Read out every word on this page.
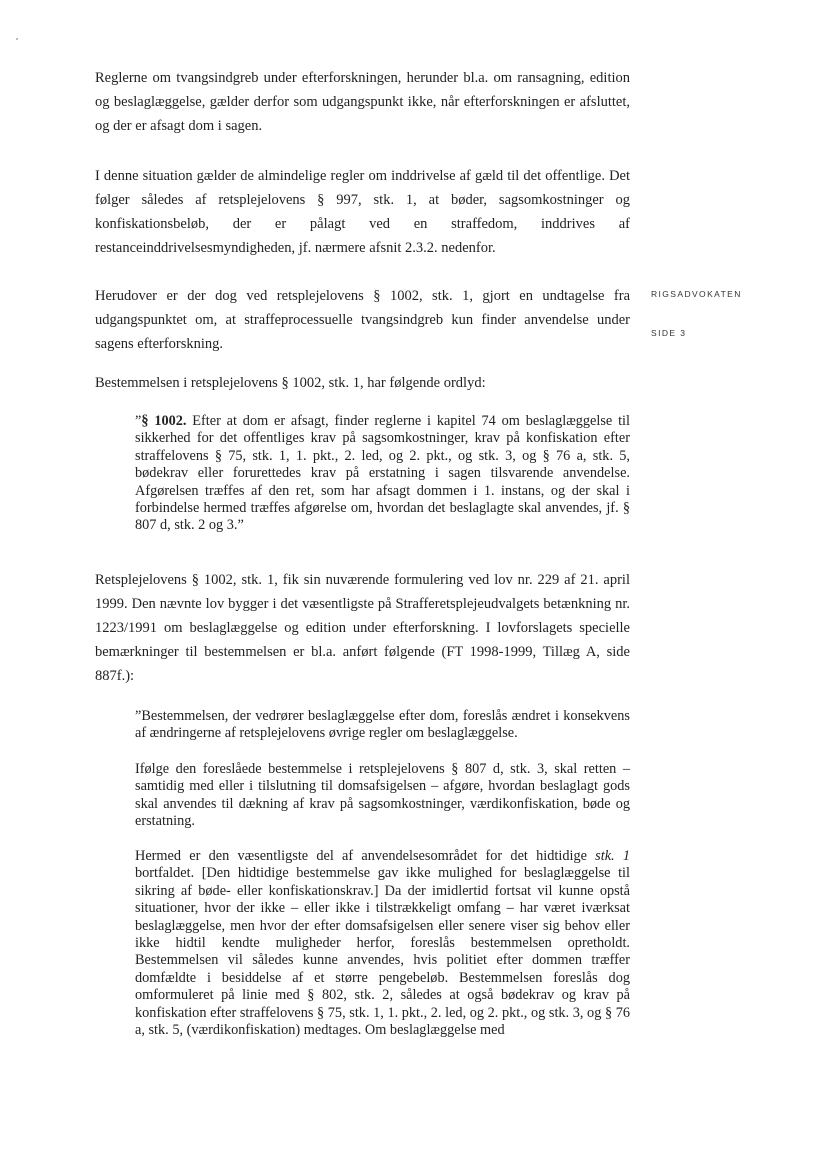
Reglerne om tvangsindgreb under efterforskningen, herunder bl.a. om ransagning, edition og beslaglæggelse, gælder derfor som udgangspunkt ikke, når efterforskningen er afsluttet, og der er afsagt dom i sagen.

I denne situation gælder de almindelige regler om inddrivelse af gæld til det offentlige. Det følger således af retsplejelovens § 997, stk. 1, at bøder, sagsomkostninger og konfiskationsbeløb, der er pålagt ved en straffedom, inddrives af restanceinddrivelsesmyndigheden, jf. nærmere afsnit 2.3.2. nedenfor.

Herudover er der dog ved retsplejelovens § 1002, stk. 1, gjort en undtagelse fra udgangspunktet om, at straffeprocessuelle tvangsindgreb kun finder anvendelse under sagens efterforskning.

RIGSADVOKATEN

SIDE 3

Bestemmelsen i retsplejelovens § 1002, stk. 1, har følgende ordlyd:

”§ 1002. Efter at dom er afsagt, finder reglerne i kapitel 74 om beslaglæggelse til sikkerhed for det offentliges krav på sagsomkostninger, krav på konfiskation efter straffelovens § 75, stk. 1, 1. pkt., 2. led, og 2. pkt., og stk. 3, og § 76 a, stk. 5, bødekrav eller forurettedes krav på erstatning i sagen tilsvarende anvendelse. Afgørelsen træffes af den ret, som har afsagt dommen i 1. instans, og der skal i forbindelse hermed træffes afgørelse om, hvordan det beslaglagte skal anvendes, jf. § 807 d, stk. 2 og 3.”

Retsplejelovens § 1002, stk. 1, fik sin nuværende formulering ved lov nr. 229 af 21. april 1999. Den nævnte lov bygger i det væsentligste på Strafferetsplejeudvalgets betænkning nr. 1223/1991 om beslaglæggelse og edition under efterforskning. I lovforslagets specielle bemærkninger til bestemmelsen er bl.a. anført følgende (FT 1998-1999, Tillæg A, side 887f.):

”Bestemmelsen, der vedrører beslaglæggelse efter dom, foreslås ændret i konsekvens af ændringerne af retsplejelovens øvrige regler om beslaglæggelse.

Ifølge den foreslåede bestemmelse i retsplejelovens § 807 d, stk. 3, skal retten – samtidig med eller i tilslutning til domsafsigelsen – afgøre, hvordan beslaglagt gods skal anvendes til dækning af krav på sagsomkostninger, værdikonfiskation, bøde og erstatning.

Hermed er den væsentligste del af anvendelsesområdet for det hidtidige stk. 1 bortfaldet. [Den hidtidige bestemmelse gav ikke mulighed for beslaglæggelse til sikring af bøde- eller konfiskationskrav.] Da der imidlertid fortsat vil kunne opstå situationer, hvor der ikke – eller ikke i tilstrækkeligt omfang – har været iværksat beslaglæggelse, men hvor der efter domsafsigelsen eller senere viser sig behov eller ikke hidtil kendte muligheder herfor, foreslås bestemmelsen opretholdt. Bestemmelsen vil således kunne anvendes, hvis politiet efter dommen træffer domfældte i besiddelse af et større pengebeløb. Bestemmelsen foreslås dog omformuleret på linie med § 802, stk. 2, således at også bødekrav og krav på konfiskation efter straffelovens § 75, stk. 1, 1. pkt., 2. led, og 2. pkt., og stk. 3, og § 76 a, stk. 5, (værdikonfiskation) medtages. Om beslaglæggelse med
